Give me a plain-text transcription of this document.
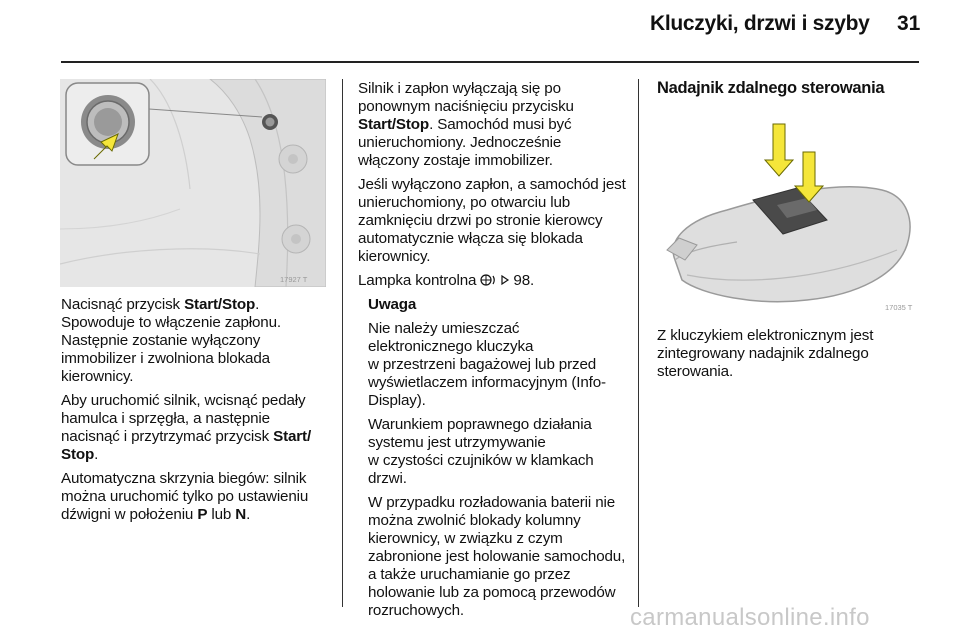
Kluczyki, drzwi i szyby 31
17927 T

Nacisnąć przycisk Start/Stop.
Spowoduje to włączenie zapłonu. Następnie zostanie wyłączony immobilizer i zwolniona blokada kierownicy.

Aby uruchomić silnik, wcisnąć pedały hamulca i sprzęgła, a następnie nacisnąć i przytrzymać przycisk Start/
Stop.

Automatyczna skrzynia biegów: silnik można uruchomić tylko po ustawieniu dźwigni w położeniu P lub N.

Silnik i zapłon wyłączają się po ponownym naciśnięciu przycisku Start/Stop. Samochód musi być unieruchomiony. Jednocześnie włączony zostaje immobilizer.

Jeśli wyłączono zapłon, a samochód jest unieruchomiony, po otwarciu lub zamknięciu drzwi po stronie kierowcy automatycznie włącza się blokada kierownicy.

Lampka kontrolna 98.

Uwaga

Nie należy umieszczać elektronicznego kluczyka
w przestrzeni bagażowej lub przed wyświetlaczem informacyjnym (Info-Display).

Warunkiem poprawnego działania systemu jest utrzymywanie
w czystości czujników w klamkach drzwi.

W przypadku rozładowania baterii nie można zwolnić blokady kolumny kierownicy, w związku z czym zabronione jest holowanie samochodu, a także uruchamianie go przez holowanie lub za pomocą przewodów rozruchowych.

Nadajnik zdalnego sterowania
17035 T

Z kluczykiem elektronicznym jest zintegrowany nadajnik zdalnego sterowania.

carmanualsonline.info
